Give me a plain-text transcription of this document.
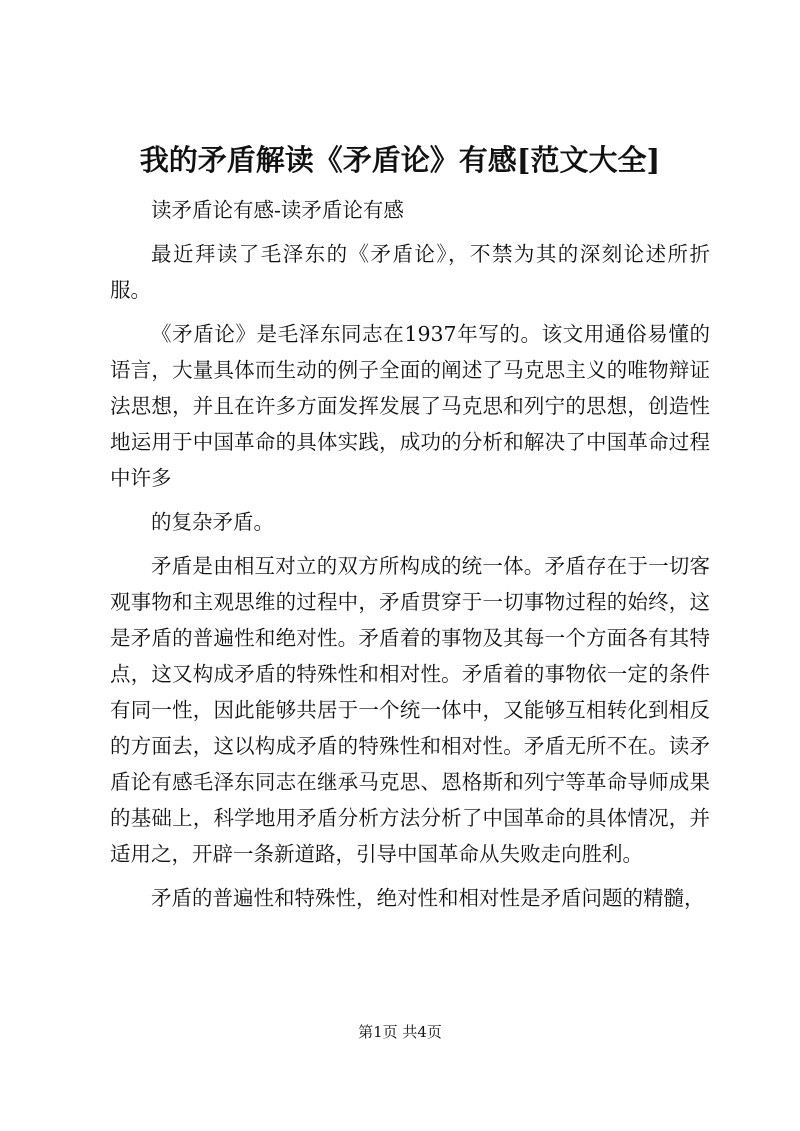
我的矛盾解读《矛盾论》有感[范文大全]

读矛盾论有感-读矛盾论有感

最近拜读了毛泽东的《矛盾论》，不禁为其的深刻论述所折服。

《矛盾论》是毛泽东同志在1937年写的。该文用通俗易懂的语言，大量具体而生动的例子全面的阐述了马克思主义的唯物辩证法思想，并且在许多方面发挥发展了马克思和列宁的思想，创造性地运用于中国革命的具体实践，成功的分析和解决了中国革命过程中许多

的复杂矛盾。

矛盾是由相互对立的双方所构成的统一体。矛盾存在于一切客观事物和主观思维的过程中，矛盾贯穿于一切事物过程的始终，这是矛盾的普遍性和绝对性。矛盾着的事物及其每一个方面各有其特点，这又构成矛盾的特殊性和相对性。矛盾着的事物依一定的条件有同一性，因此能够共居于一个统一体中，又能够互相转化到相反的方面去，这以构成矛盾的特殊性和相对性。矛盾无所不在。读矛盾论有感毛泽东同志在继承马克思、恩格斯和列宁等革命导师成果的基础上，科学地用矛盾分析方法分析了中国革命的具体情况，并适用之，开辟一条新道路，引导中国革命从失败走向胜利。

矛盾的普遍性和特殊性，绝对性和相对性是矛盾问题的精髓，

第1页 共4页
